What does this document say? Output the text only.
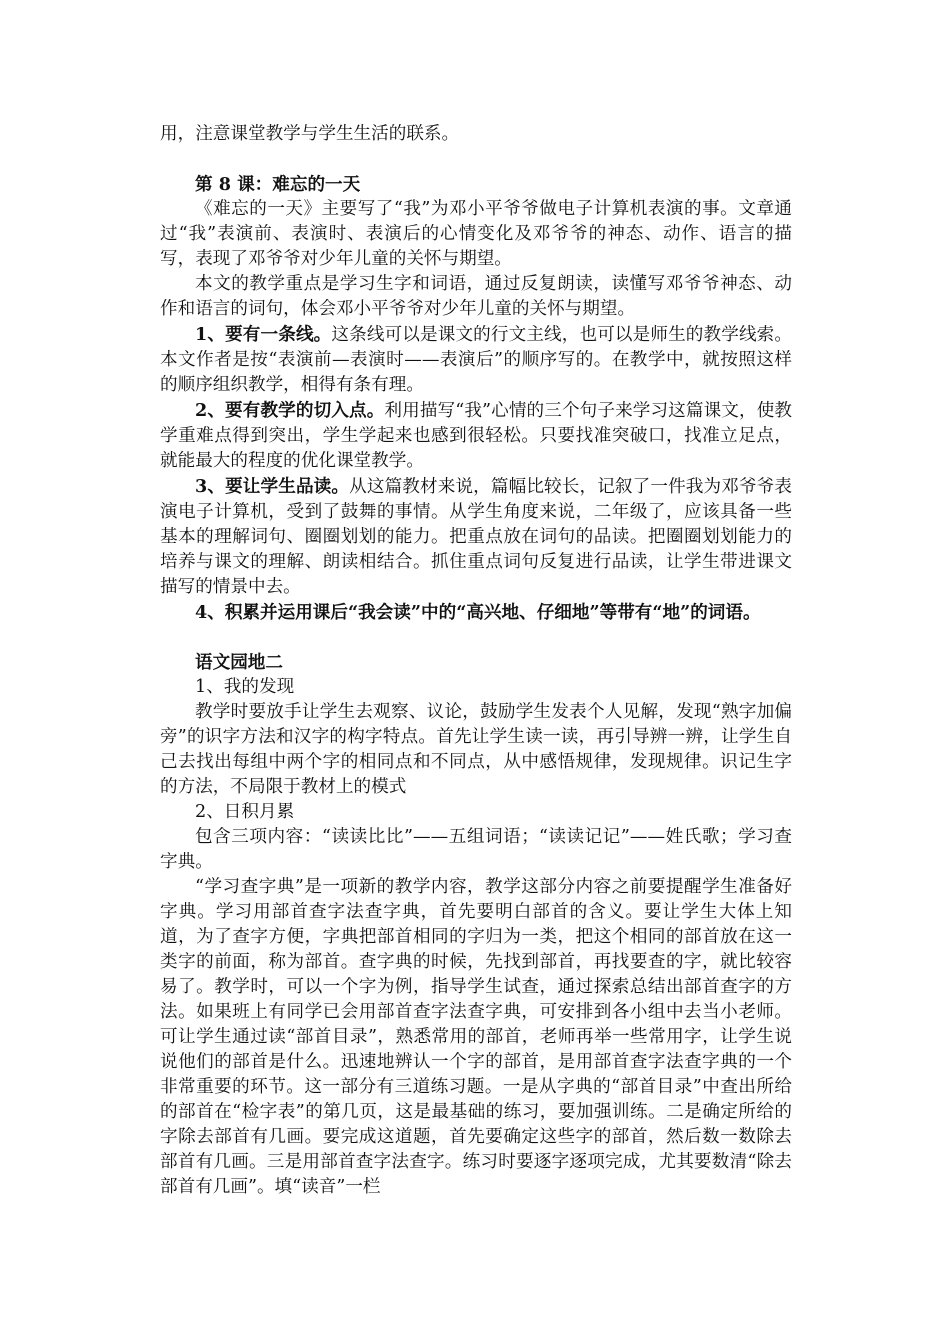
用，注意课堂教学与学生生活的联系。

第 8 课：难忘的一天

《难忘的一天》主要写了“我”为邓小平爷爷做电子计算机表演的事。文章通过“我”表演前、表演时、表演后的心情变化及邓爷爷的神态、动作、语言的描写，表现了邓爷爷对少年儿童的关怀与期望。

本文的教学重点是学习生字和词语，通过反复朗读，读懂写邓爷爷神态、动作和语言的词句，体会邓小平爷爷对少年儿童的关怀与期望。

1、要有一条线。这条线可以是课文的行文主线，也可以是师生的教学线索。本文作者是按“表演前—表演时——表演后”的顺序写的。在教学中，就按照这样的顺序组织教学，相得有条有理。

2、要有教学的切入点。利用描写“我”心情的三个句子来学习这篇课文，使教学重难点得到突出，学生学起来也感到很轻松。只要找准突破口，找准立足点，就能最大的程度的优化课堂教学。

3、要让学生品读。从这篇教材来说，篇幅比较长，记叙了一件我为邓爷爷表演电子计算机，受到了鼓舞的事情。从学生角度来说，二年级了，应该具备一些基本的理解词句、圈圈划划的能力。把重点放在词句的品读。把圈圈划划能力的培养与课文的理解、朗读相结合。抓住重点词句反复进行品读，让学生带进课文描写的情景中去。

4、积累并运用课后“我会读”中的“高兴地、仔细地”等带有“地”的词语。

语文园地二

1、我的发现

教学时要放手让学生去观察、议论，鼓励学生发表个人见解，发现“熟字加偏旁”的识字方法和汉字的构字特点。首先让学生读一读，再引导辨一辨，让学生自己去找出每组中两个字的相同点和不同点，从中感悟规律，发现规律。识记生字的方法，不局限于教材上的模式

2、日积月累

包含三项内容：“读读比比”——五组词语；“读读记记”——姓氏歌；学习查字典。

“学习查字典”是一项新的教学内容，教学这部分内容之前要提醒学生准备好字典。学习用部首查字法查字典，首先要明白部首的含义。要让学生大体上知道，为了查字方便，字典把部首相同的字归为一类，把这个相同的部首放在这一类字的前面，称为部首。查字典的时候，先找到部首，再找要查的字，就比较容易了。教学时，可以一个字为例，指导学生试查，通过探索总结出部首查字的方法。如果班上有同学已会用部首查字法查字典，可安排到各小组中去当小老师。可让学生通过读“部首目录”，熟悉常用的部首，老师再举一些常用字，让学生说说他们的部首是什么。迅速地辨认一个字的部首，是用部首查字法查字典的一个非常重要的环节。这一部分有三道练习题。一是从字典的“部首目录”中查出所给的部首在“检字表”的第几页，这是最基础的练习，要加强训练。二是确定所给的字除去部首有几画。要完成这道题，首先要确定这些字的部首，然后数一数除去部首有几画。三是用部首查字法查字。练习时要逐字逐项完成，尤其要数清“除去部首有几画”。填“读音”一栏
